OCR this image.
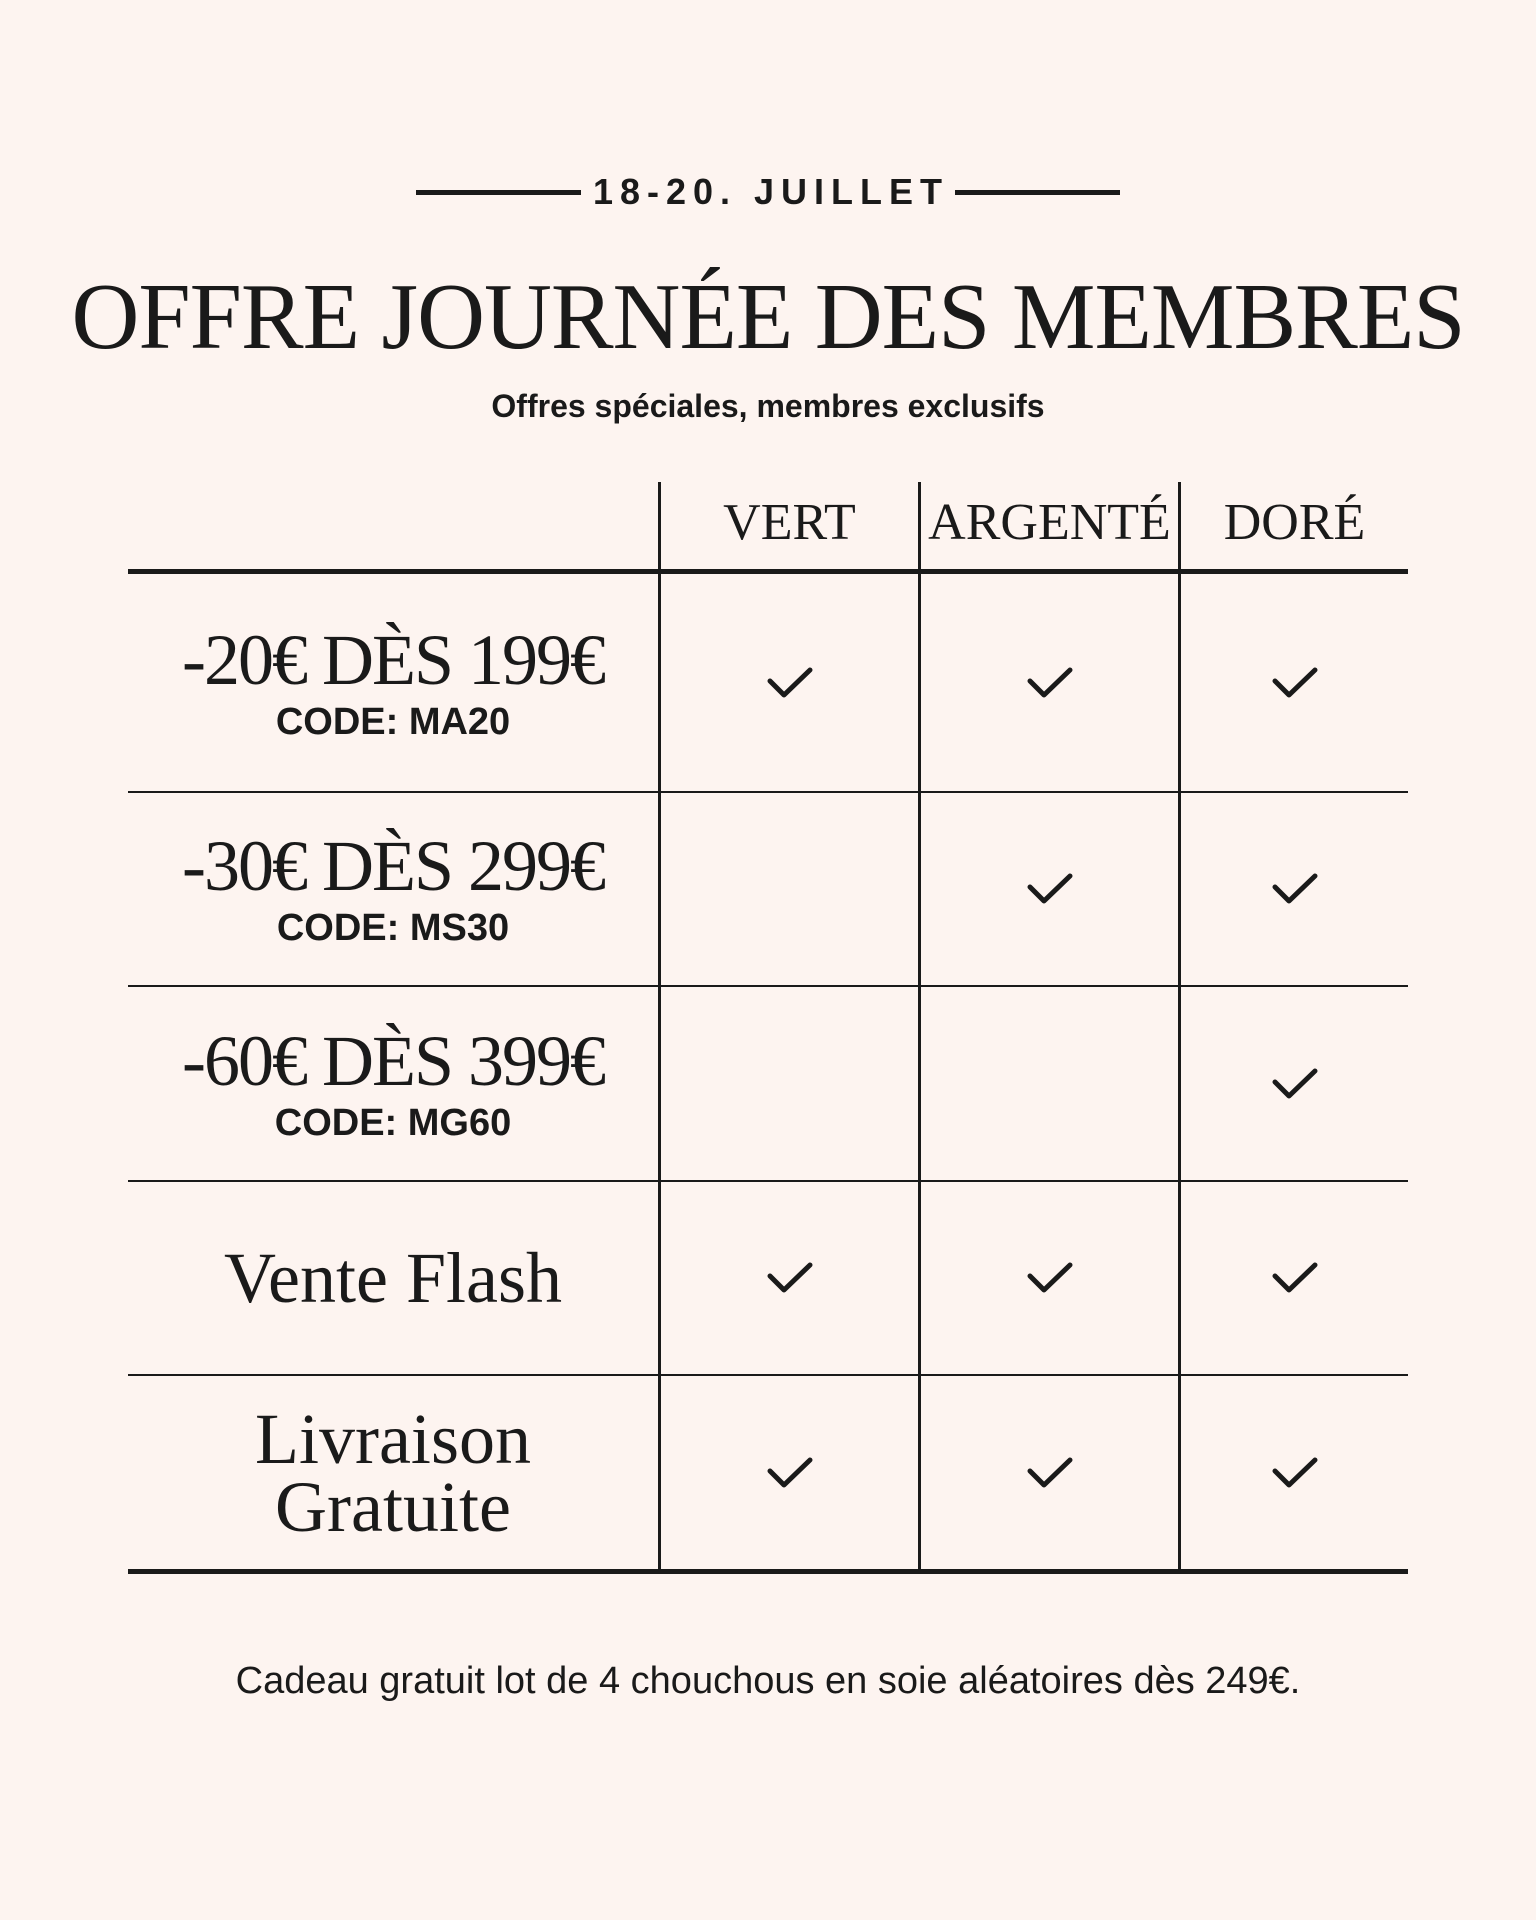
18-20. JUILLET
OFFRE JOURNÉE DES MEMBRES
Offres spéciales, membres exclusifs
VERT	ARGENTÉ	DORÉ
-20€ DÈS 199€
CODE: MA20
-30€ DÈS 299€
CODE: MS30
-60€ DÈS 399€
CODE: MG60
Vente Flash
Livraison
Gratuite
Cadeau gratuit lot de 4 chouchous en soie aléatoires dès 249€.
